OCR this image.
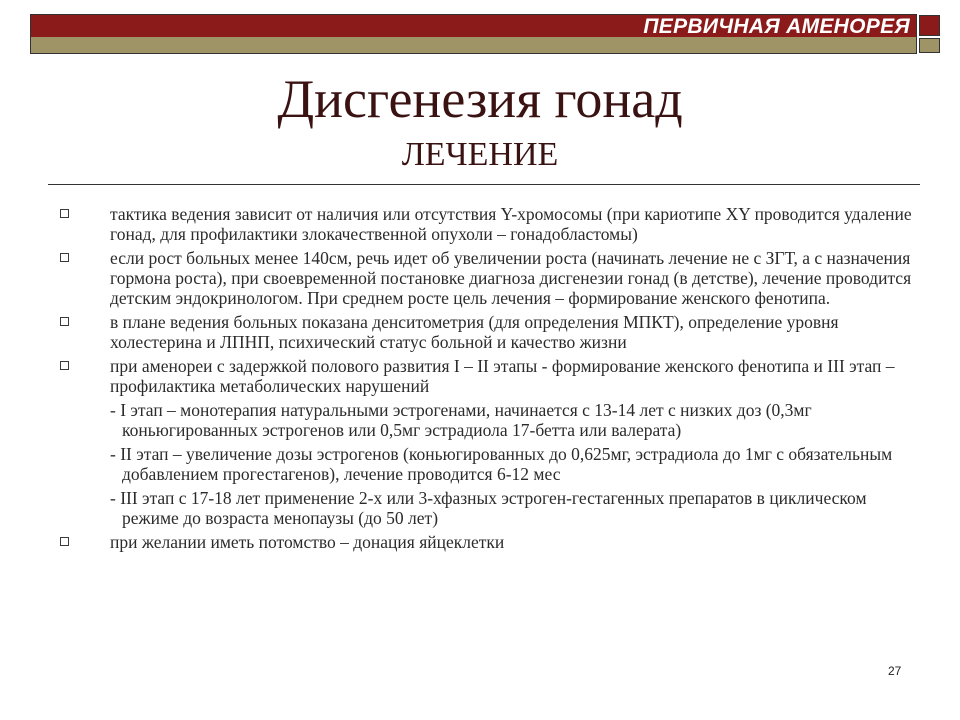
ПЕРВИЧНАЯ АМЕНОРЕЯ
Дисгенезия гонад
ЛЕЧЕНИЕ
тактика ведения зависит от наличия или отсутствия Y-хромосомы (при кариотипе XY проводится удаление гонад, для профилактики злокачественной опухоли – гонадобластомы)
если рост больных менее 140см, речь идет об увеличении роста (начинать лечение не с ЗГТ, а с назначения гормона роста), при своевременной постановке диагноза дисгенезии гонад (в детстве), лечение проводится детским эндокринологом. При среднем росте цель лечения – формирование женского фенотипа.
в плане ведения больных показана денситометрия (для определения МПКТ), определение уровня холестерина и ЛПНП, психический статус больной и качество жизни
при аменореи с задержкой полового развития I – II этапы - формирование женского фенотипа и III этап – профилактика метаболических нарушений
- I этап – монотерапия натуральными эстрогенами, начинается с 13-14 лет с низких доз (0,3мг коньюгированных эстрогенов или 0,5мг эстрадиола 17-бетта или валерата)
- II этап – увеличение дозы эстрогенов (коньюгированных до 0,625мг, эстрадиола до 1мг с обязательным добавлением прогестагенов), лечение проводится 6-12 мес
- III этап с 17-18 лет применение 2-х или 3-хфазных эстроген-гестагенных препаратов в циклическом режиме до возраста менопаузы (до 50 лет)
при желании иметь потомство – донация яйцеклетки
27
